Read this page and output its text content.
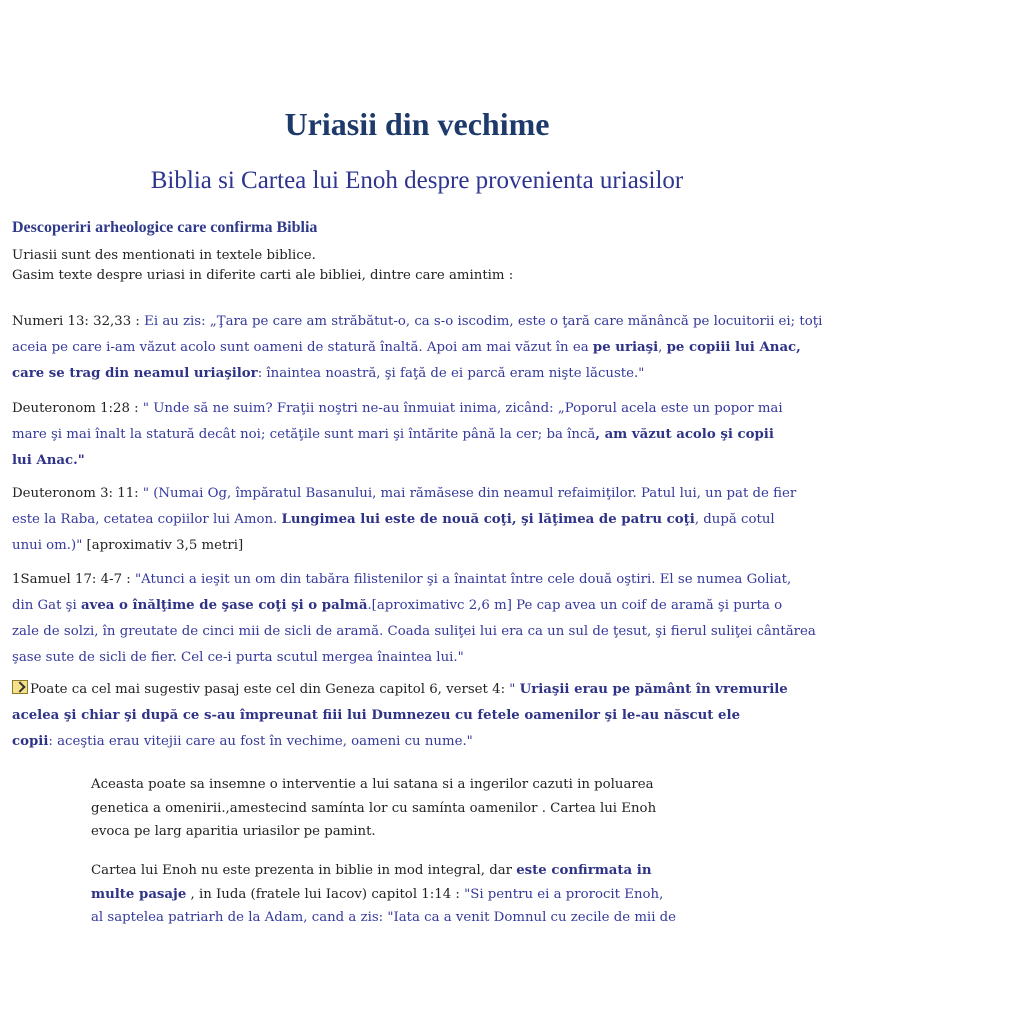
Uriasii din vechime
Biblia si Cartea lui Enoh despre provenienta uriasilor
Descoperiri arheologice care confirma Biblia
Uriasii sunt des mentionati in textele biblice.
Gasim texte despre uriasi in diferite carti ale bibliei, dintre care amintim :
Numeri 13: 32,33 : Ei au zis: „Ţara pe care am străbătut-o, ca s-o iscodim, este o ţară care mănâncă pe locuitorii ei; toţi
aceia pe care i-am văzut acolo sunt oameni de statură înaltă. Apoi am mai văzut în ea pe uriaşi, pe copiii lui Anac,
care se trag din neamul uriaşilor: înaintea noastră, şi faţă de ei parcă eram nişte lăcuste."
Deuteronom 1:28 : " Unde să ne suim? Fraţii noştri ne-au înmuiat inima, zicând: „Poporul acela este un popor mai
mare şi mai înalt la statură decât noi; cetăţile sunt mari şi întărite până la cer; ba încă, am văzut acolo şi copii
lui Anac."
Deuteronom 3: 11: " (Numai Og, împăratul Basanului, mai rămăsese din neamul refaimiţilor. Patul lui, un pat de fier
este la Raba, cetatea copiilor lui Amon. Lungimea lui este de nouă coţi, şi lăţimea de patru coţi, după cotul
unui om.)" [aproximativ 3,5 metri]
1Samuel 17: 4-7 : "Atunci a ieşit un om din tabăra filistenilor şi a înaintat între cele două oştiri. El se numea Goliat,
din Gat şi avea o înălţime de şase coţi şi o palmă.[aproximativc 2,6 m] Pe cap avea un coif de aramă şi purta o
zale de solzi, în greutate de cinci mii de sicli de aramă. Coada suliţei lui era ca un sul de ţesut, şi fierul suliţei cântărea
şase sute de sicli de fier. Cel ce-i purta scutul mergea înaintea lui."
Poate ca cel mai sugestiv pasaj este cel din Geneza capitol 6, verset 4: " Uriaşii erau pe pământ în vremurile
acelea şi chiar şi după ce s-au împreunat fiii lui Dumnezeu cu fetele oamenilor şi le-au născut ele
copii: aceştia erau vitejii care au fost în vechime, oameni cu nume."
Aceasta poate sa insemne o interventie a lui satana si a ingerilor cazuti in poluarea
genetica a omenirii.,amestecind samínta lor cu samínta oamenilor . Cartea lui Enoh
evoca pe larg aparitia uriasilor pe pamint.
Cartea lui Enoh nu este prezenta in biblie in mod integral, dar este confirmata in
multe pasaje , in Iuda (fratele lui Iacov) capitol 1:14 : "Si pentru ei a prorocit Enoh,
al saptelea patriarh de la Adam, cand a zis: "Iata ca a venit Domnul cu zecile de mii de
